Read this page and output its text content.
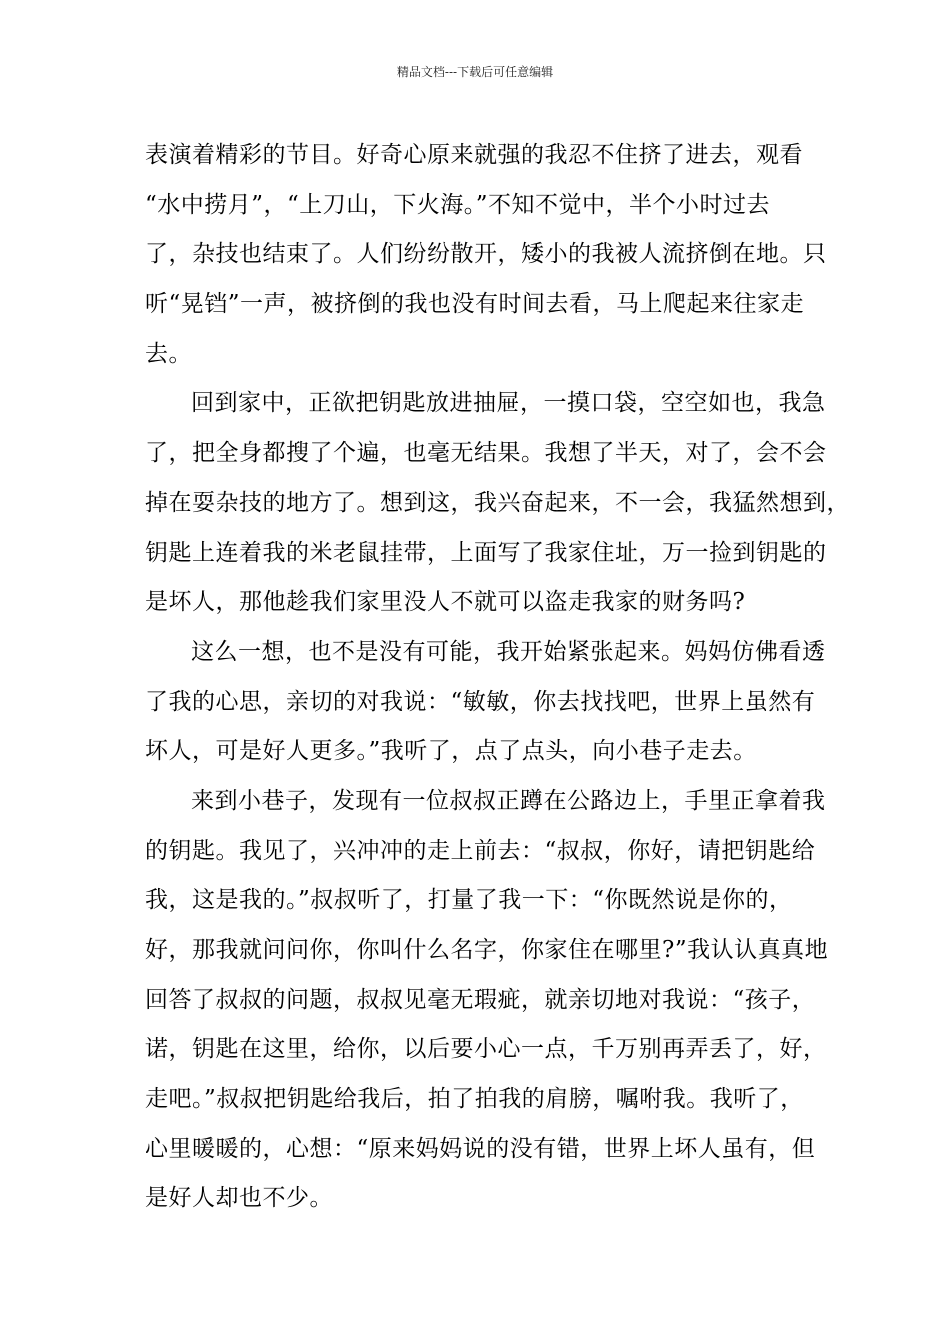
精品文档---下载后可任意编辑
表演着精彩的节目。好奇心原来就强的我忍不住挤了进去，观看
“水中捞月”，“上刀山，下火海。”不知不觉中，半个小时过去
了，杂技也结束了。人们纷纷散开，矮小的我被人流挤倒在地。只
听“晃铛”一声，被挤倒的我也没有时间去看，马上爬起来往家走
去。
回到家中，正欲把钥匙放进抽屉，一摸口袋，空空如也，我急
了，把全身都搜了个遍，也毫无结果。我想了半天，对了，会不会
掉在耍杂技的地方了。想到这，我兴奋起来，不一会，我猛然想到，
钥匙上连着我的米老鼠挂带，上面写了我家住址，万一捡到钥匙的
是坏人，那他趁我们家里没人不就可以盗走我家的财务吗?
这么一想，也不是没有可能，我开始紧张起来。妈妈仿佛看透
了我的心思，亲切的对我说：“敏敏，你去找找吧，世界上虽然有
坏人，可是好人更多。”我听了，点了点头，向小巷子走去。
来到小巷子，发现有一位叔叔正蹲在公路边上，手里正拿着我
的钥匙。我见了，兴冲冲的走上前去：“叔叔，你好，请把钥匙给
我，这是我的。”叔叔听了，打量了我一下：“你既然说是你的，
好，那我就问问你，你叫什么名字，你家住在哪里?”我认认真真地
回答了叔叔的问题，叔叔见毫无瑕疵，就亲切地对我说：“孩子，
诺，钥匙在这里，给你，以后要小心一点，千万别再弄丢了，好，
走吧。”叔叔把钥匙给我后，拍了拍我的肩膀，嘱咐我。我听了，
心里暖暖的，心想：“原来妈妈说的没有错，世界上坏人虽有，但
是好人却也不少。
